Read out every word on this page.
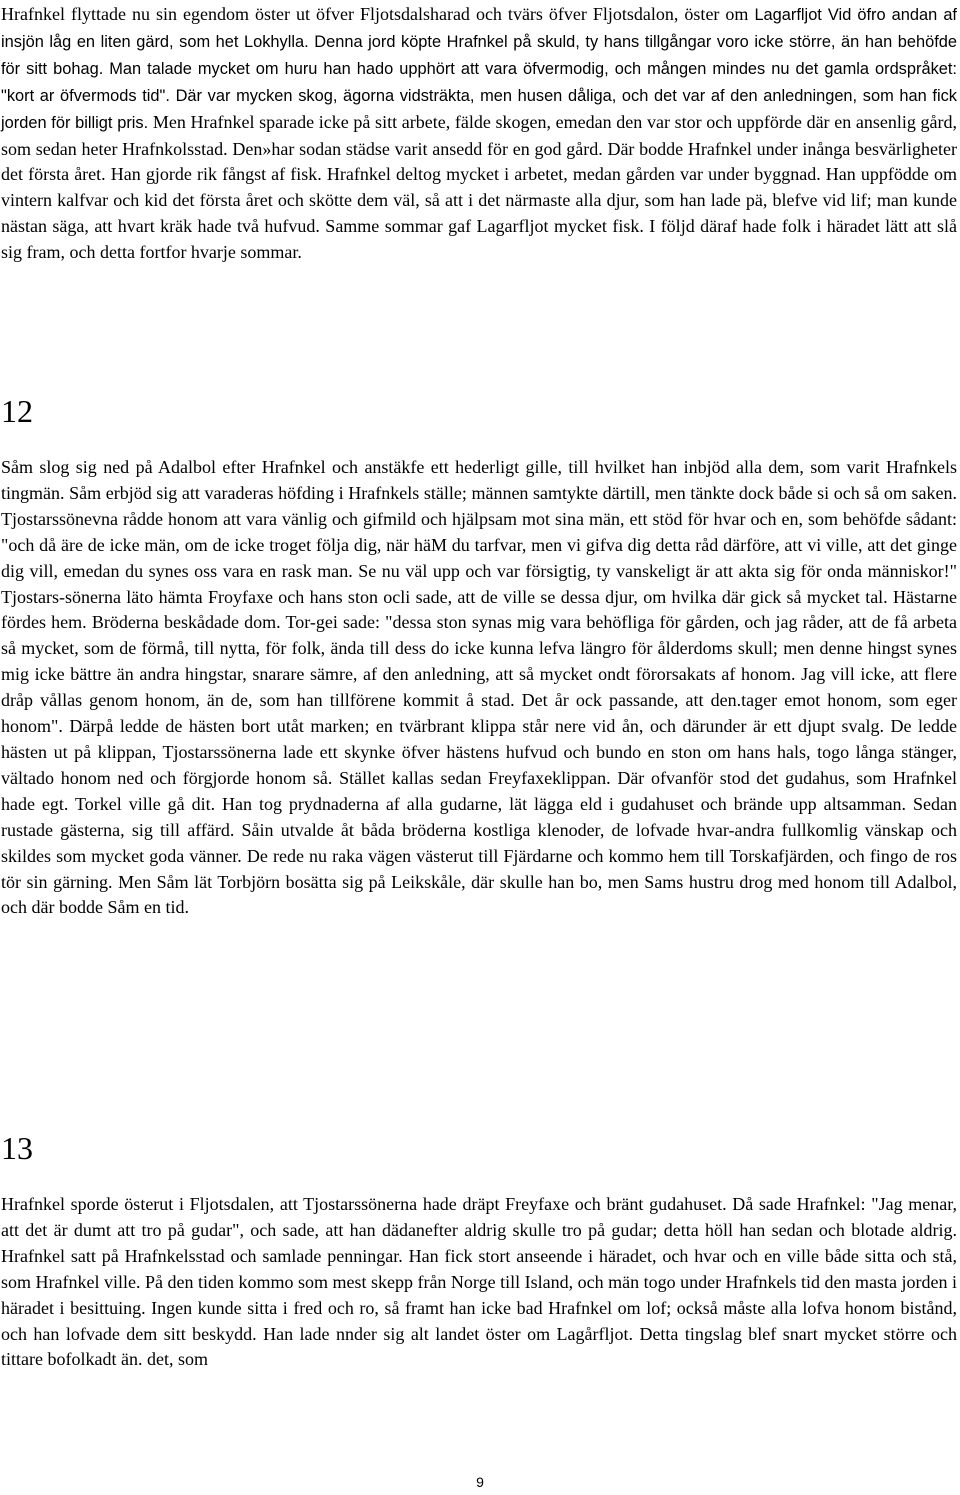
Hrafnkel flyttade nu sin egendom öster ut öfver Fljotsdalsharad och tvärs öfver Fljotsdalon, öster om Lagarfljot Vid öfro andan af insjön låg en liten gärd, som het Lokhylla. Denna jord köpte Hrafnkel på skuld, ty hans tillgångar voro icke större, än han behöfde för sitt bohag. Man talade mycket om huru han hado upphört att vara öfvermodig, och mången mindes nu det gamla ordspråket: "kort ar öfvermods tid". Där var mycken skog, ägorna vidsträkta, men husen dåliga, och det var af den anledningen, som han fick jorden för billigt pris. Men Hrafnkel sparade icke på sitt arbete, fälde skogen, emedan den var stor och uppförde där en ansenlig gård, som sedan heter Hrafnkolsstad. Den»har sodan städse varit ansedd för en god gård. Där bodde Hrafnkel under inånga besvärligheter det första året. Han gjorde rik fångst af fisk. Hrafnkel deltog mycket i arbetet, medan gården var under byggnad. Han uppfödde om vintern kalfvar och kid det första året och skötte dem väl, så att i det närmaste alla djur, som han lade pä, blefve vid lif; man kunde nästan säga, att hvart kräk hade två hufvud. Samme sommar gaf Lagarfljot mycket fisk. I följd däraf hade folk i häradet lätt att slå sig fram, och detta fortfor hvarje sommar.

12

Såm slog sig ned på Adalbol efter Hrafnkel och anstäkfe ett hederligt gille, till hvilket han inbjöd alla dem, som varit Hrafnkels tingmän. Såm erbjöd sig att varaderas höfding i Hrafnkels ställe; männen samtykte därtill, men tänkte dock både si och så om saken. Tjostarssönevna rådde honom att vara vänlig och gifmild och hjälpsam mot sina män, ett stöd för hvar och en, som behöfde sådant: "och då äre de icke män, om de icke troget följa dig, när häM du tarfvar, men vi gifva dig detta råd därföre, att vi ville, att det ginge dig vill, emedan du synes oss vara en rask man. Se nu väl upp och var försigtig, ty vanskeligt är att akta sig för onda människor!" Tjostars-sönerna läto hämta Froyfaxe och hans ston ocli sade, att de ville se dessa djur, om hvilka där gick så mycket tal. Hästarne fördes hem. Bröderna beskådade dom. Tor-gei sade: "dessa ston synas mig vara behöfliga för gården, och jag råder, att de få arbeta så mycket, som de förmå, till nytta, för folk, ända till dess do icke kunna lefva längro för ålderdoms skull; men denne hingst synes mig icke bättre än andra hingstar, snarare sämre, af den anledning, att så mycket ondt förorsakats af honom. Jag vill icke, att flere dråp vållas genom honom, än de, som han tillförene kommit å stad. Det år ock passande, att den.tager emot honom, som eger honom". Därpå ledde de hästen bort utåt marken; en tvärbrant klippa står nere vid ån, och därunder är ett djupt svalg. De ledde hästen ut på klippan, Tjostarssönerna lade ett skynke öfver hästens hufvud och bundo en ston om hans hals, togo långa stänger, vältado honom ned och förgjorde honom så. Stället kallas sedan Freyfaxeklippan. Där ofvanför stod det gudahus, som Hrafnkel hade egt. Torkel ville gå dit. Han tog prydnaderna af alla gudarne, lät lägga eld i gudahuset och brände upp altsamman. Sedan rustade gästerna, sig till affärd. Såin utvalde åt båda bröderna kostliga klenoder, de lofvade hvar-andra fullkomlig vänskap och skildes som mycket goda vänner. De rede nu raka vägen västerut till Fjärdarne och kommo hem till Torskafjärden, och fingo de ros tör sin gärning. Men Såm lät Torbjörn bosätta sig på Leikskåle, där skulle han bo, men Sams hustru drog med honom till Adalbol, och där bodde Såm en tid.

13

Hrafnkel sporde österut i Fljotsdalen, att Tjostarssönerna hade dräpt Freyfaxe och bränt gudahuset. Då sade Hrafnkel: "Jag menar, att det är dumt att tro på gudar", och sade, att han dädanefter aldrig skulle tro på gudar; detta höll han sedan och blotade aldrig. Hrafnkel satt på Hrafnkelsstad och samlade penningar. Han fick stort anseende i häradet, och hvar och en ville både sitta och stå, som Hrafnkel ville. På den tiden kommo som mest skepp från Norge till Island, och män togo under Hrafnkels tid den masta jorden i häradet i besittuing. Ingen kunde sitta i fred och ro, så framt han icke bad Hrafnkel om lof; också måste alla lofva honom bistånd, och han lofvade dem sitt beskydd. Han lade nnder sig alt landet öster om Lagårfljot. Detta tingslag blef snart mycket större och tittare bofolkadt än. det, som

9
